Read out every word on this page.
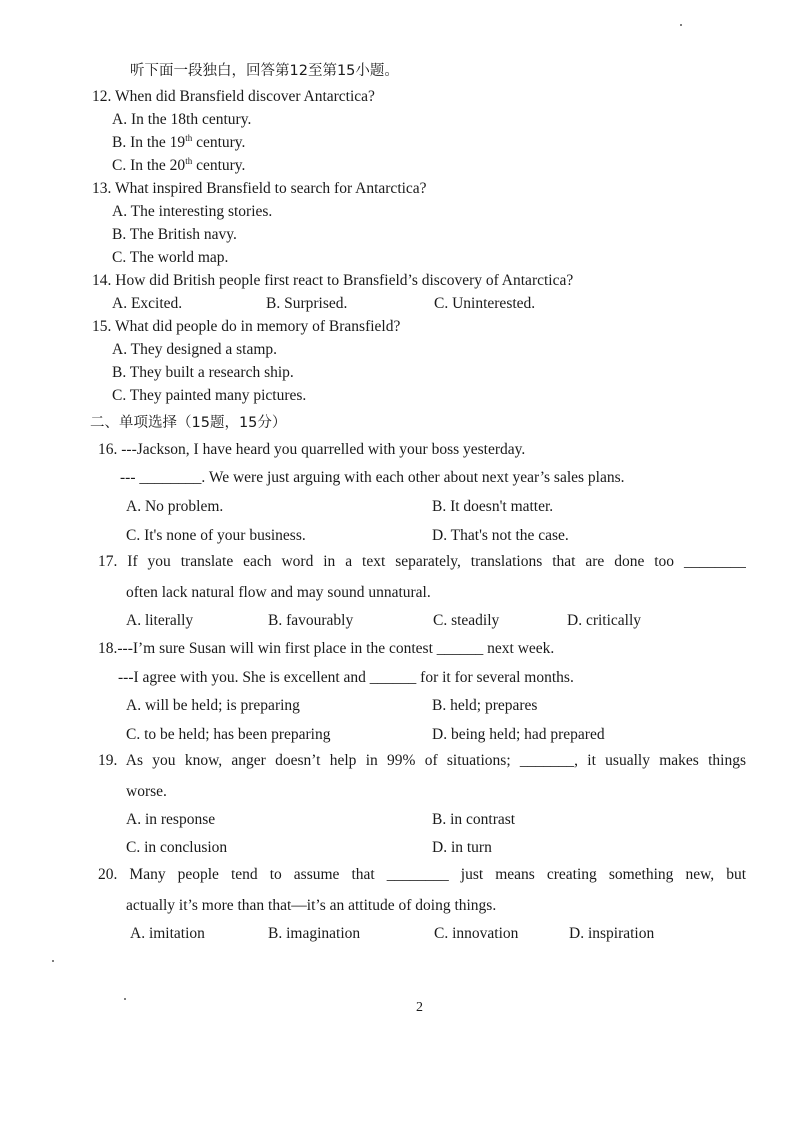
听下面一段独白，回答第12至第15小题。
12. When did Bransfield discover Antarctica?
A. In the 18th century.
B. In the 19th century.
C. In the 20th century.
13. What inspired Bransfield to search for Antarctica?
A. The interesting stories.
B. The British navy.
C. The world map.
14. How did British people first react to Bransfield’s discovery of Antarctica?
A. Excited.	B. Surprised.	C. Uninterested.
15. What did people do in memory of Bransfield?
A. They designed a stamp.
B. They built a research ship.
C. They painted many pictures.
二、单项选择（15题，15分）
16. ---Jackson, I have heard you quarrelled with your boss yesterday.
--- ________. We were just arguing with each other about next year’s sales plans.
A. No problem.	B. It doesn't matter.
C. It's none of your business.	D. That's not the case.
17. If you translate each word in a text separately, translations that are done too ________
often lack natural flow and may sound unnatural.
A. literally	B. favourably	C. steadily	D. critically
18.---I’m sure Susan will win first place in the contest ______ next week.
---I agree with you. She is excellent and ______ for it for several months.
A. will be held; is preparing	B. held; prepares
C. to be held; has been preparing	D. being held; had prepared
19. As you know, anger doesn’t help in 99% of situations; _______, it usually makes things
worse.
A. in response	B. in contrast
C. in conclusion	D. in turn
20. Many people tend to assume that ________ just means creating something new, but
actually it’s more than that—it’s an attitude of doing things.
A. imitation	B. imagination	C. innovation	D. inspiration
2
